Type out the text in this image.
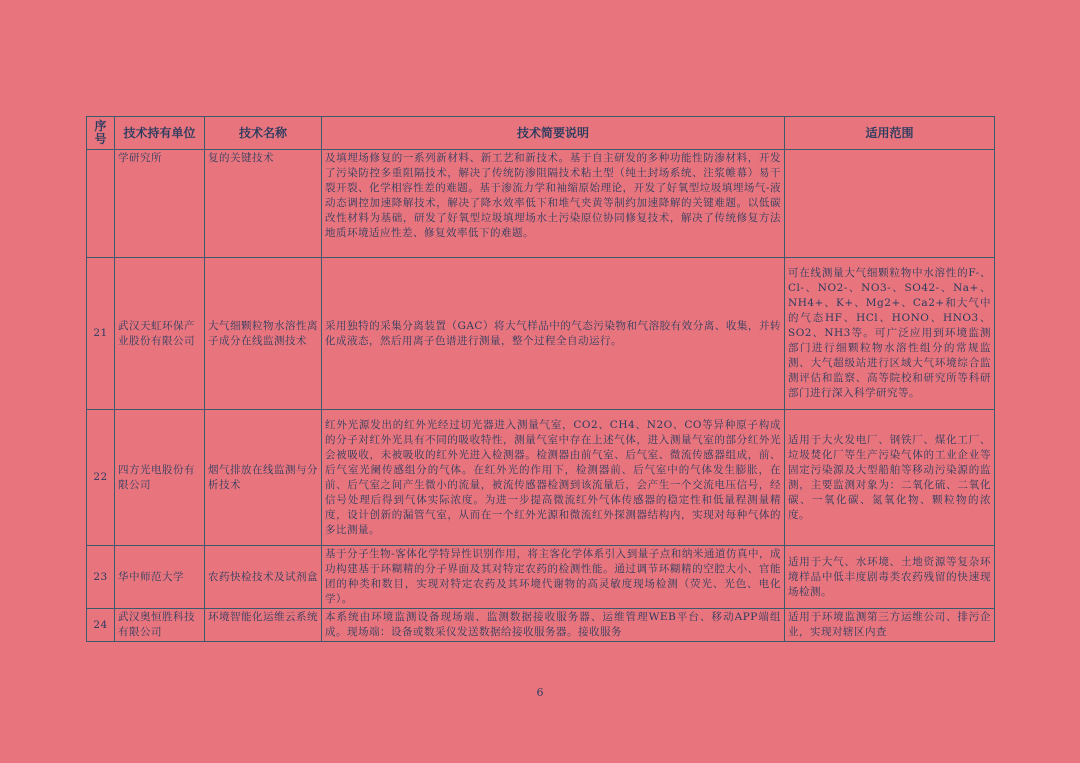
序号	技术持有单位	技术名称	技术简要说明	适用范围
	学研究所	复的关键技术	及填埋场修复的一系列新材料、新工艺和新技术。基于自主研发的多种功能性防渗材料，开发了污染防控多重阻隔技术，解决了传统防渗阻隔技术粘土型（纯土封场系统、注浆帷幕）易干裂开裂、化学相容性差的难题。基于渗流力学和袖缩原始理论，开发了好氧型垃圾填埋场气-液动态调控加速降解技术，解决了降水效率低下和堆气夹黄等制约加速降解的关键难题。以低碳改性材料为基础，研发了好氧型垃圾填埋场水土污染原位协同修复技术，解决了传统修复方法地质环境适应性差、修复效率低下的难题。	
21	武汉天虹环保产业股份有限公司	大气细颗粒物水溶性离子成分在线监测技术	采用独特的采集分离装置（GAC）将大气样品中的气态污染物和气溶胶有效分离、收集，并转化成液态，然后用离子色谱进行测量，整个过程全自动运行。	可在线测量大气细颗粒物中水溶性的F-、Cl-、NO2-、NO3-、SO42-、Na+、NH4+、K+、Mg2+、Ca2+和大气中的气态HF、HCl、HONO、HNO3、SO2、NH3等。可广泛应用到环境监测部门进行细颗粒物水溶性组分的常规监测、大气超级站进行区域大气环境综合监测评估和监察、高等院校和研究所等科研部门进行深入科学研究等。
22	四方光电股份有限公司	烟气排放在线监测与分析技术	红外光源发出的红外光经过切光器进入测量气室，CO2、CH4、N2O、CO等异种原子构成的分子对红外光具有不同的吸收特性，测量气室中存在上述气体，进入测量气室的部分红外光会被吸收，未被吸收的红外光进入检测器。检测器由前气室、后气室、微流传感器组成，前、后气室光阑传感组分的气体。在红外光的作用下，检测器前、后气室中的气体发生膨胀，在前、后气室之间产生微小的流量，被流传感器检测到该流量后，会产生一个交流电压信号，经信号处理后得到气体实际浓度。为进一步提高微流红外气体传感器的稳定性和低量程测量精度，设计创新的漏管气室，从而在一个红外光源和微流红外探测器结构内，实现对每种气体的多比测量。	适用于大火发电厂、钢铁厂、煤化工厂、垃圾焚化厂等生产污染气体的工业企业等固定污染源及大型船舶等移动污染源的监测，主要监测对象为：二氧化硫、二氧化碳、一氧化碳、氮氧化物、颗粒物的浓度。
23	华中师范大学	农药快检技术及试剂盒	基于分子生物-客体化学特异性识别作用，将主客化学体系引入到量子点和纳米通道仿真中，成功构建基于环糊精的分子界面及其对特定农药的检测性能。通过调节环糊精的空腔大小、官能团的种类和数目，实现对特定农药及其环境代谢物的高灵敏度现场检测（荧光、光色、电化学）。	适用于大气、水环境、土地资源等复杂环境样品中低丰度剧毒类农药残留的快速现场检测。
24	武汉奥恒胜科技有限公司	环境智能化运维云系统	本系统由环境监测设备现场端、监测数据接收服务器、运维管理WEB平台、移动APP端组成。现场端：设备或数采仪发送数据给接收服务器。接收服务	适用于环境监测第三方运维公司、排污企业，实现对辖区内查
6
